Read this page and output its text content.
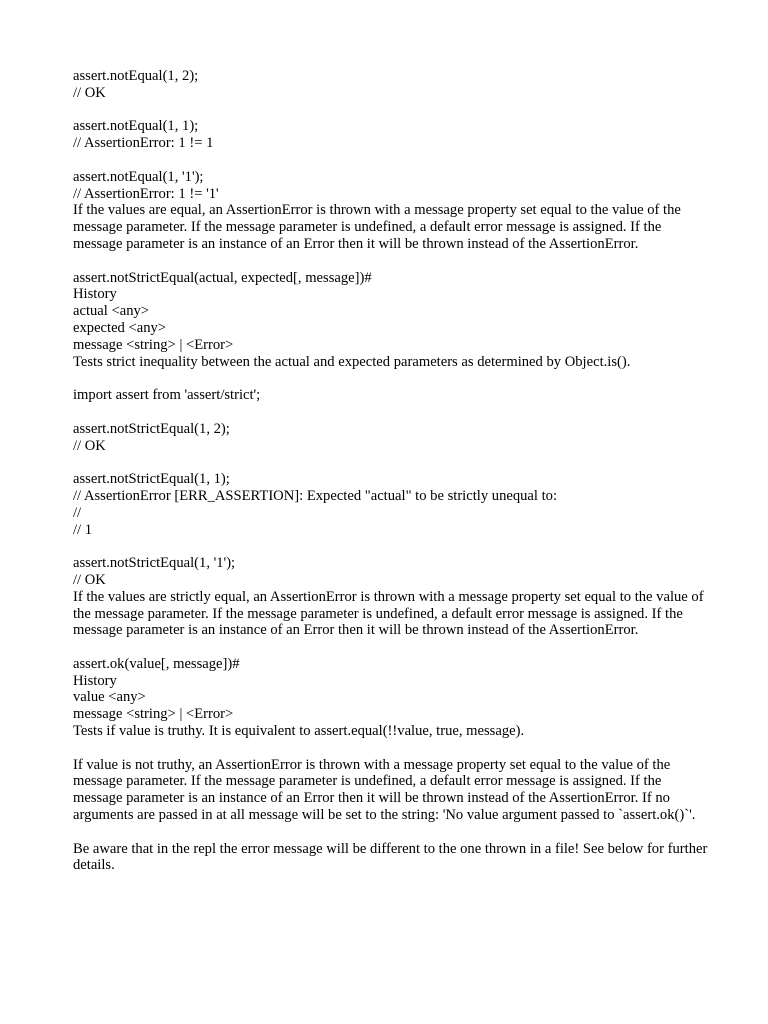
assert.notEqual(1, 2);
// OK
assert.notEqual(1, 1);
// AssertionError: 1 != 1
assert.notEqual(1, '1');
// AssertionError: 1 != '1'
If the values are equal, an AssertionError is thrown with a message property set equal to the value of the message parameter. If the message parameter is undefined, a default error message is assigned. If the message parameter is an instance of an Error then it will be thrown instead of the AssertionError.
assert.notStrictEqual(actual, expected[, message])#
History
actual <any>
expected <any>
message <string> | <Error>
Tests strict inequality between the actual and expected parameters as determined by Object.is().
import assert from 'assert/strict';
assert.notStrictEqual(1, 2);
// OK
assert.notStrictEqual(1, 1);
// AssertionError [ERR_ASSERTION]: Expected "actual" to be strictly unequal to:
//
// 1
assert.notStrictEqual(1, '1');
// OK
If the values are strictly equal, an AssertionError is thrown with a message property set equal to the value of the message parameter. If the message parameter is undefined, a default error message is assigned. If the message parameter is an instance of an Error then it will be thrown instead of the AssertionError.
assert.ok(value[, message])#
History
value <any>
message <string> | <Error>
Tests if value is truthy. It is equivalent to assert.equal(!!value, true, message).
If value is not truthy, an AssertionError is thrown with a message property set equal to the value of the message parameter. If the message parameter is undefined, a default error message is assigned. If the message parameter is an instance of an Error then it will be thrown instead of the AssertionError. If no arguments are passed in at all message will be set to the string: 'No value argument passed to `assert.ok()`'.
Be aware that in the repl the error message will be different to the one thrown in a file! See below for further details.
